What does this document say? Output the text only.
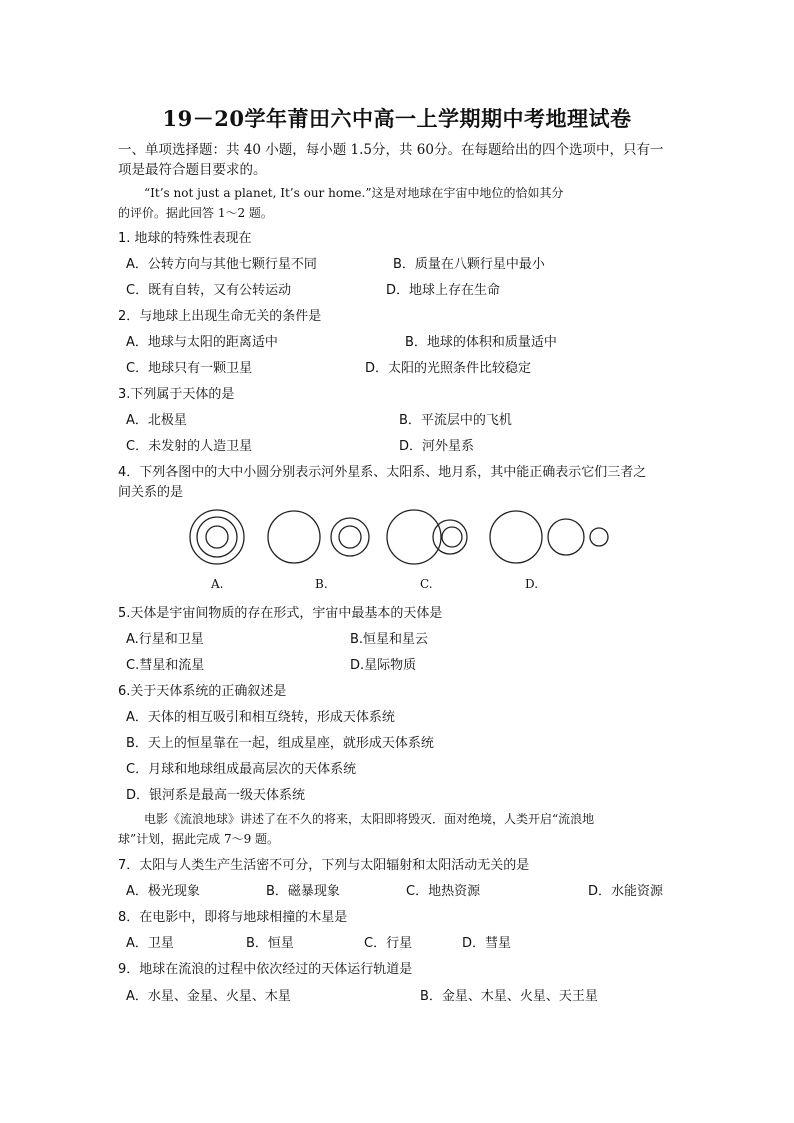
19－20学年莆田六中高一上学期期中考地理试卷
一、单项选择题：共 40 小题，每小题 1.5分，共 60分。在每题给出的四个选项中，只有一
项是最符合题目要求的。
“It’s not just a planet, It’s our home.”这是对地球在宇宙中地位的恰如其分
的评价。据此回答 1～2 题。
1. 地球的特殊性表现在
A．公转方向与其他七颗行星不同	B．质量在八颗行星中最小
C．既有自转，又有公转运动	D．地球上存在生命
2．与地球上出现生命无关的条件是
A．地球与太阳的距离适中	B．地球的体积和质量适中
C．地球只有一颗卫星	D．太阳的光照条件比较稳定
3.下列属于天体的是
A．北极星	B．平流层中的飞机
C．未发射的人造卫星	D．河外星系
4．下列各图中的大中小圆分别表示河外星系、太阳系、地月系，其中能正确表示它们三者之
间关系的是
A.	B.	C.	D.
5.天体是宇宙间物质的存在形式，宇宙中最基本的天体是
A.行星和卫星	B.恒星和星云
C.彗星和流星	D.星际物质
6.关于天体系统的正确叙述是
A．天体的相互吸引和相互绕转，形成天体系统
B．天上的恒星靠在一起，组成星座，就形成天体系统
C．月球和地球组成最高层次的天体系统
D．银河系是最高一级天体系统
电影《流浪地球》讲述了在不久的将来，太阳即将毁灭．面对绝境，人类开启“流浪地
球”计划，据此完成 7～9 题。
7．太阳与人类生产生活密不可分，下列与太阳辐射和太阳活动无关的是
A．极光现象	B．磁暴现象	C．地热资源	D．水能资源
8．在电影中，即将与地球相撞的木星是
A．卫星	B．恒星	C．行星	D．彗星
9．地球在流浪的过程中依次经过的天体运行轨道是
A．水星、金星、火星、木星	B．金星、木星、火星、天王星
